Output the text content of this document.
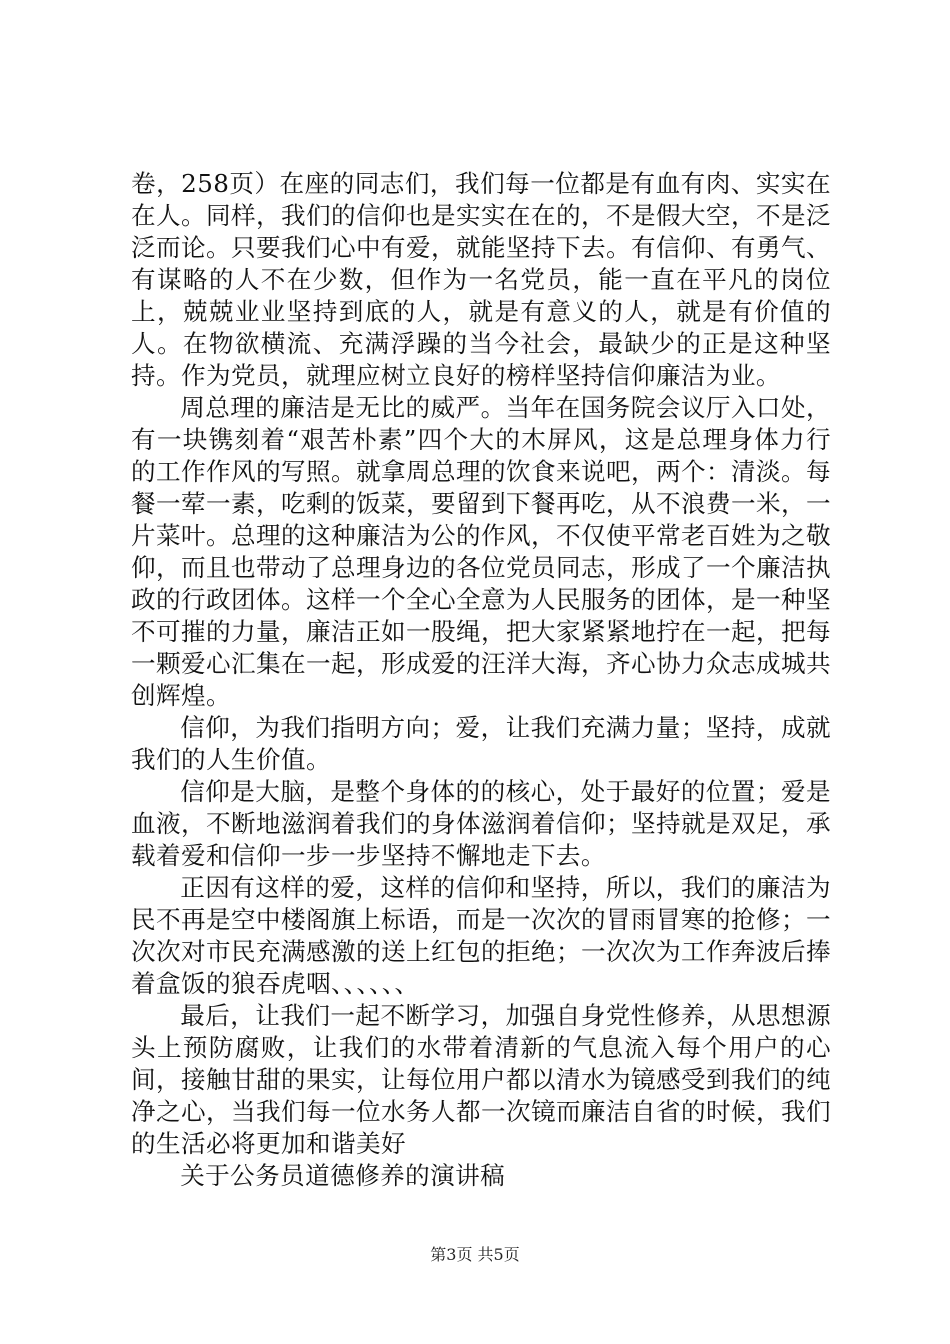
卷，258页）在座的同志们，我们每一位都是有血有肉、实实在在人。同样，我们的信仰也是实实在在的，不是假大空，不是泛泛而论。只要我们心中有爱，就能坚持下去。有信仰、有勇气、有谋略的人不在少数，但作为一名党员，能一直在平凡的岗位上，兢兢业业坚持到底的人，就是有意义的人，就是有价值的人。在物欲横流、充满浮躁的当今社会，最缺少的正是这种坚持。作为党员，就理应树立良好的榜样坚持信仰廉洁为业。

周总理的廉洁是无比的威严。当年在国务院会议厅入口处，有一块镌刻着“艰苦朴素”四个大的木屏风，这是总理身体力行的工作作风的写照。就拿周总理的饮食来说吧，两个：清淡。每餐一荤一素，吃剩的饭菜，要留到下餐再吃，从不浪费一米，一片菜叶。总理的这种廉洁为公的作风，不仅使平常老百姓为之敬仰，而且也带动了总理身边的各位党员同志，形成了一个廉洁执政的行政团体。这样一个全心全意为人民服务的团体，是一种坚不可摧的力量，廉洁正如一股绳，把大家紧紧地拧在一起，把每一颗爱心汇集在一起，形成爱的汪洋大海，齐心协力众志成城共创辉煌。

信仰，为我们指明方向；爱，让我们充满力量；坚持，成就我们的人生价值。

信仰是大脑，是整个身体的的核心，处于最好的位置；爱是血液，不断地滋润着我们的身体滋润着信仰；坚持就是双足，承载着爱和信仰一步一步坚持不懈地走下去。

正因有这样的爱，这样的信仰和坚持，所以，我们的廉洁为民不再是空中楼阁旗上标语，而是一次次的冒雨冒寒的抢修；一次次对市民充满感激的送上红包的拒绝；一次次为工作奔波后捧着盒饭的狼吞虎咽、、、、、、

最后，让我们一起不断学习，加强自身党性修养，从思想源头上预防腐败，让我们的水带着清新的气息流入每个用户的心间，接触甘甜的果实，让每位用户都以清水为镜感受到我们的纯净之心，当我们每一位水务人都一次镜而廉洁自省的时候，我们的生活必将更加和谐美好

关于公务员道德修养的演讲稿

第3页 共5页
